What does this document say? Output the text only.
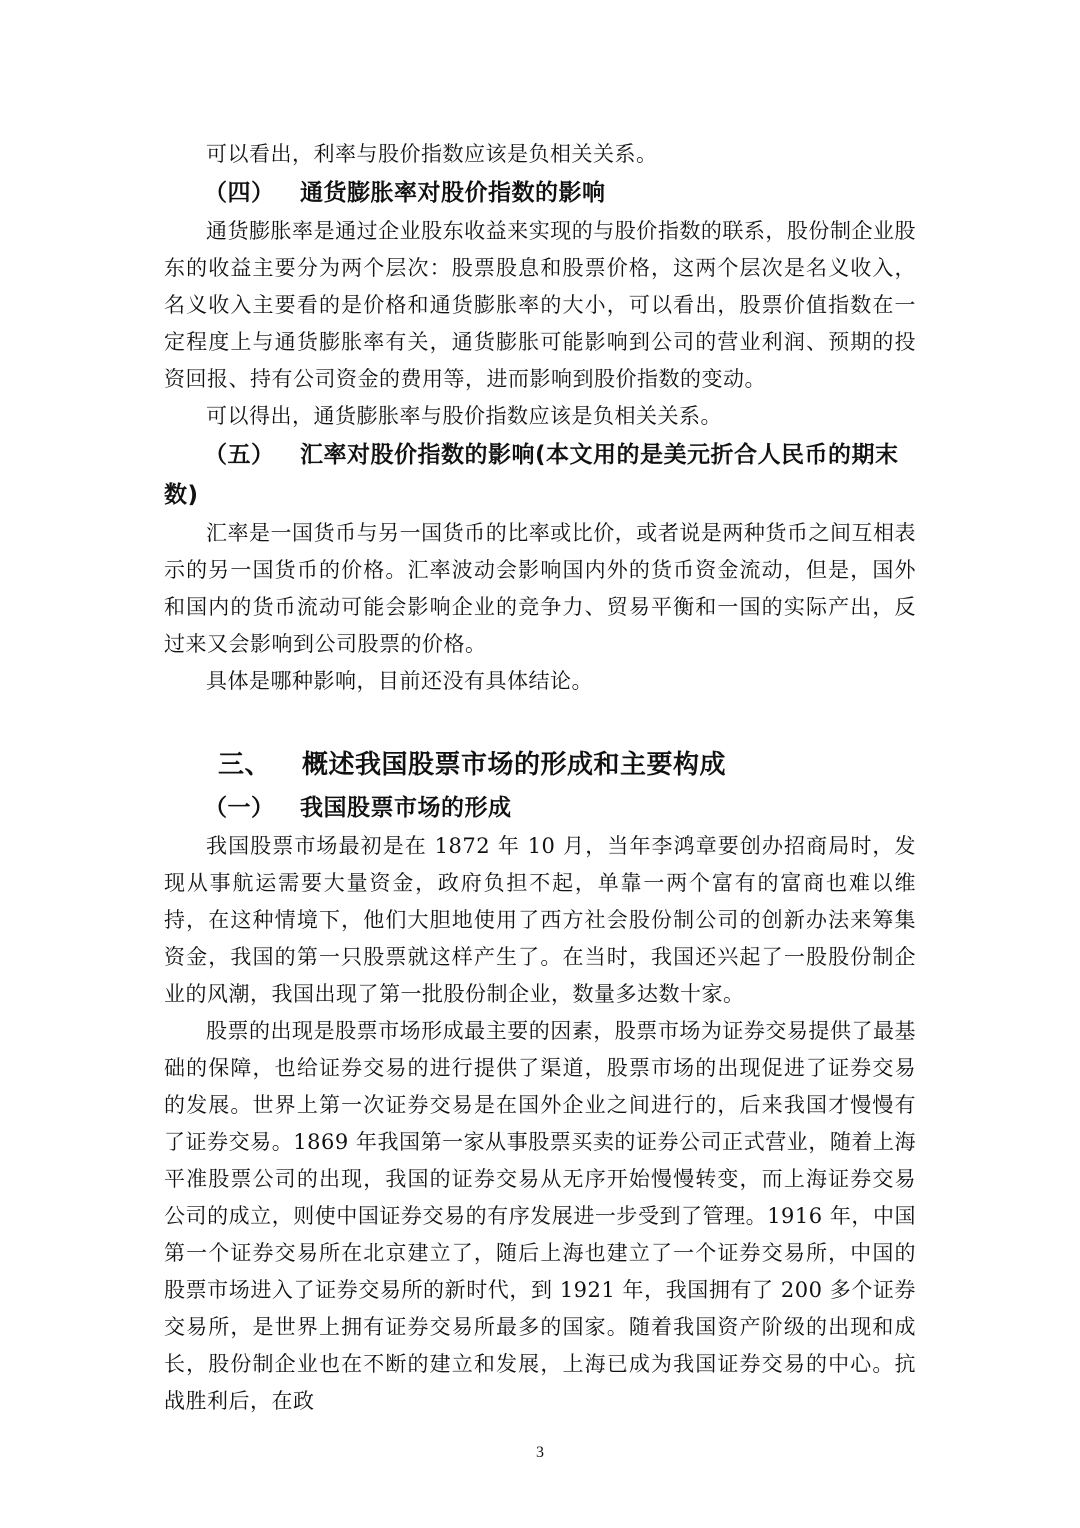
可以看出，利率与股价指数应该是负相关关系。

（四） 通货膨胀率对股价指数的影响

通货膨胀率是通过企业股东收益来实现的与股价指数的联系，股份制企业股东的收益主要分为两个层次：股票股息和股票价格，这两个层次是名义收入，名义收入主要看的是价格和通货膨胀率的大小，可以看出，股票价值指数在一定程度上与通货膨胀率有关，通货膨胀可能影响到公司的营业利润、预期的投资回报、持有公司资金的费用等，进而影响到股价指数的变动。

可以得出，通货膨胀率与股价指数应该是负相关关系。

（五） 汇率对股价指数的影响(本文用的是美元折合人民币的期末数)

汇率是一国货币与另一国货币的比率或比价，或者说是两种货币之间互相表示的另一国货币的价格。汇率波动会影响国内外的货币资金流动，但是，国外和国内的货币流动可能会影响企业的竞争力、贸易平衡和一国的实际产出，反过来又会影响到公司股票的价格。

具体是哪种影响，目前还没有具体结论。

三、 概述我国股票市场的形成和主要构成
（一） 我国股票市场的形成

我国股票市场最初是在 1872 年 10 月，当年李鸿章要创办招商局时，发现从事航运需要大量资金，政府负担不起，单靠一两个富有的富商也难以维持，在这种情境下，他们大胆地使用了西方社会股份制公司的创新办法来筹集资金，我国的第一只股票就这样产生了。在当时，我国还兴起了一股股份制企业的风潮，我国出现了第一批股份制企业，数量多达数十家。

股票的出现是股票市场形成最主要的因素，股票市场为证券交易提供了最基础的保障，也给证券交易的进行提供了渠道，股票市场的出现促进了证券交易的发展。世界上第一次证券交易是在国外企业之间进行的，后来我国才慢慢有了证券交易。1869 年我国第一家从事股票买卖的证券公司正式营业，随着上海平准股票公司的出现，我国的证券交易从无序开始慢慢转变，而上海证券交易公司的成立，则使中国证券交易的有序发展进一步受到了管理。1916 年，中国第一个证券交易所在北京建立了，随后上海也建立了一个证券交易所，中国的股票市场进入了证券交易所的新时代，到 1921 年，我国拥有了 200 多个证券交易所，是世界上拥有证券交易所最多的国家。随着我国资产阶级的出现和成长，股份制企业也在不断的建立和发展，上海已成为我国证券交易的中心。抗战胜利后，在政

3
